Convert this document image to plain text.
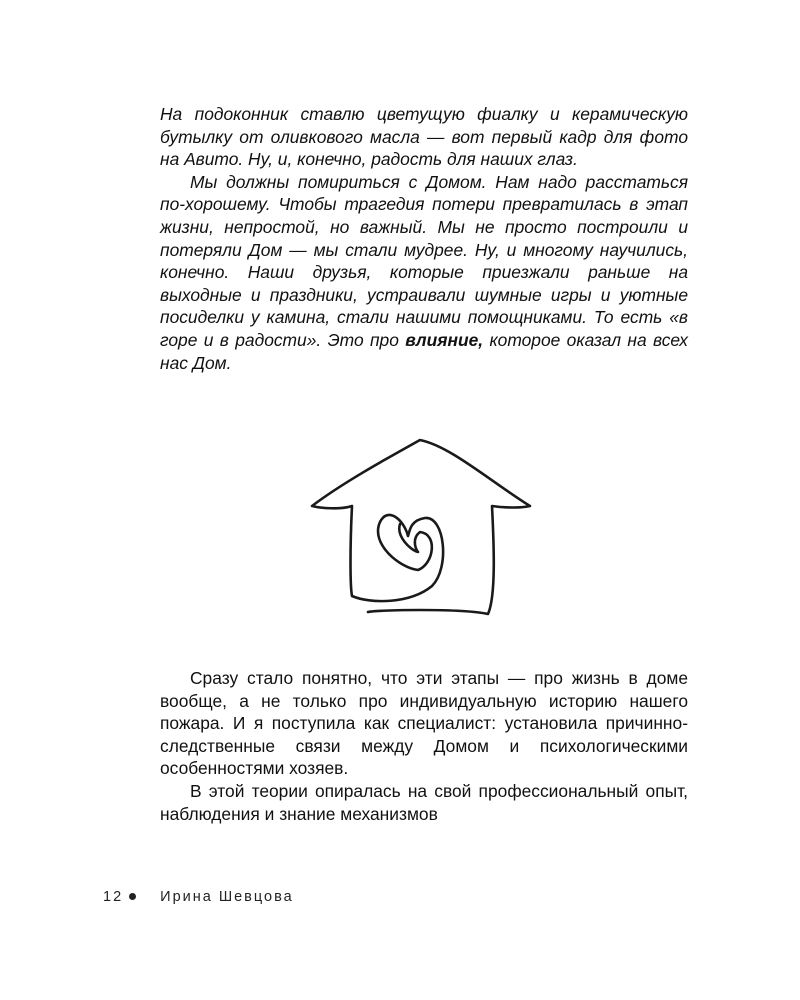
На подоконник ставлю цветущую фиалку и керамическую бутылку от оливкового масла — вот первый кадр для фото на Авито. Ну, и, конечно, радость для наших глаз.

Мы должны помириться с Домом. Нам надо расстаться по-хорошему. Чтобы трагедия потери превратилась в этап жизни, непростой, но важный. Мы не просто построили и потеряли Дом — мы стали мудрее. Ну, и многому научились, конечно. Наши друзья, которые приезжали раньше на выходные и праздники, устраивали шумные игры и уютные посиделки у камина, стали нашими помощниками. То есть «в горе и в радости». Это про влияние, которое оказал на всех нас Дом.

Сразу стало понятно, что эти этапы — про жизнь в доме вообще, а не только про индивидуальную историю нашего пожара. И я поступила как специалист: установила причинно-следственные связи между Домом и психологическими особенностями хозяев.

В этой теории опиралась на свой профессиональный опыт, наблюдения и знание механизмов

12	Ирина Шевцова
